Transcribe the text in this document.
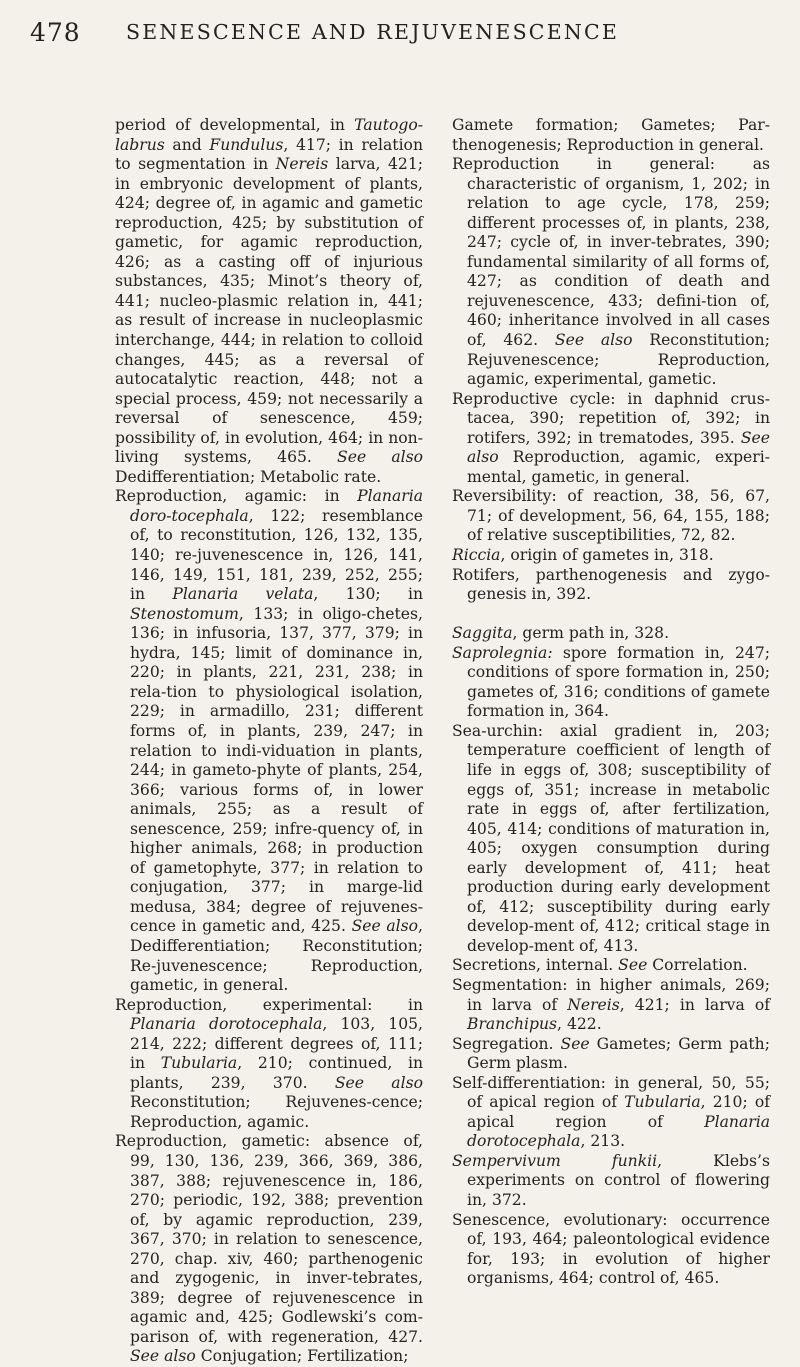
478 SENESCENCE AND REJUVENESCENCE

period of developmental, in Tautogo-labrus and Fundulus, 417; in relation to segmentation in Nereis larva, 421; in embryonic development of plants, 424; degree of, in agamic and gametic reproduction, 425; by substitution of gametic, for agamic reproduction, 426; as a casting off of injurious substances, 435; Minot’s theory of, 441; nucleo-plasmic relation in, 441; as result of increase in nucleoplasmic interchange, 444; in relation to colloid changes, 445; as a reversal of autocatalytic reaction, 448; not a special process, 459; not necessarily a reversal of senescence, 459; possibility of, in evolution, 464; in non-living systems, 465. See also Dedifferentiation; Metabolic rate.

Reproduction, agamic: in Planaria doro-tocephala, 122; resemblance of, to reconstitution, 126, 132, 135, 140; re-juvenescence in, 126, 141, 146, 149, 151, 181, 239, 252, 255; in Planaria velata, 130; in Stenostomum, 133; in oligo-chetes, 136; in infusoria, 137, 377, 379; in hydra, 145; limit of dominance in, 220; in plants, 221, 231, 238; in rela-tion to physiological isolation, 229; in armadillo, 231; different forms of, in plants, 239, 247; in relation to indi-viduation in plants, 244; in gameto-phyte of plants, 254, 366; various forms of, in lower animals, 255; as a result of senescence, 259; infre-quency of, in higher animals, 268; in production of gametophyte, 377; in relation to conjugation, 377; in marge-lid medusa, 384; degree of rejuvenes-cence in gametic and, 425. See also, Dedifferentiation; Reconstitution; Re-juvenescence; Reproduction, gametic, in general.

Reproduction, experimental: in Planaria dorotocephala, 103, 105, 214, 222; different degrees of, 111; in Tubularia, 210; continued, in plants, 239, 370. See also Reconstitution; Rejuvenes-cence; Reproduction, agamic.

Reproduction, gametic: absence of, 99, 130, 136, 239, 366, 369, 386, 387, 388; rejuvenescence in, 186, 270; periodic, 192, 388; prevention of, by agamic reproduction, 239, 367, 370; in relation to senescence, 270, chap. xiv, 460; parthenogenic and zygogenic, in inver-tebrates, 389; degree of rejuvenescence in agamic and, 425; Godlewski’s com-parison of, with regeneration, 427. See also Conjugation; Fertilization;

Gamete formation; Gametes; Par-thenogenesis; Reproduction in general.

Reproduction in general: as characteristic of organism, 1, 202; in relation to age cycle, 178, 259; different processes of, in plants, 238, 247; cycle of, in inver-tebrates, 390; fundamental similarity of all forms of, 427; as condition of death and rejuvenescence, 433; defini-tion of, 460; inheritance involved in all cases of, 462. See also Reconstitution; Rejuvenescence; Reproduction, agamic, experimental, gametic.

Reproductive cycle: in daphnid crus-tacea, 390; repetition of, 392; in rotifers, 392; in trematodes, 395. See also Reproduction, agamic, experi-mental, gametic, in general.

Reversibility: of reaction, 38, 56, 67, 71; of development, 56, 64, 155, 188; of relative susceptibilities, 72, 82.

Riccia, origin of gametes in, 318.

Rotifers, parthenogenesis and zygo-genesis in, 392.

Saggita, germ path in, 328.

Saprolegnia: spore formation in, 247; conditions of spore formation in, 250; gametes of, 316; conditions of gamete formation in, 364.

Sea-urchin: axial gradient in, 203; temperature coefficient of length of life in eggs of, 308; susceptibility of eggs of, 351; increase in metabolic rate in eggs of, after fertilization, 405, 414; conditions of maturation in, 405; oxygen consumption during early development of, 411; heat production during early development of, 412; susceptibility during early develop-ment of, 412; critical stage in develop-ment of, 413.

Secretions, internal. See Correlation.

Segmentation: in higher animals, 269; in larva of Nereis, 421; in larva of Branchipus, 422.

Segregation. See Gametes; Germ path; Germ plasm.

Self-differentiation: in general, 50, 55; of apical region of Tubularia, 210; of apical region of Planaria dorotocephala, 213.

Sempervivum funkii, Klebs’s experiments on control of flowering in, 372.

Senescence, evolutionary: occurrence of, 193, 464; paleontological evidence for, 193; in evolution of higher organisms, 464; control of, 465.
